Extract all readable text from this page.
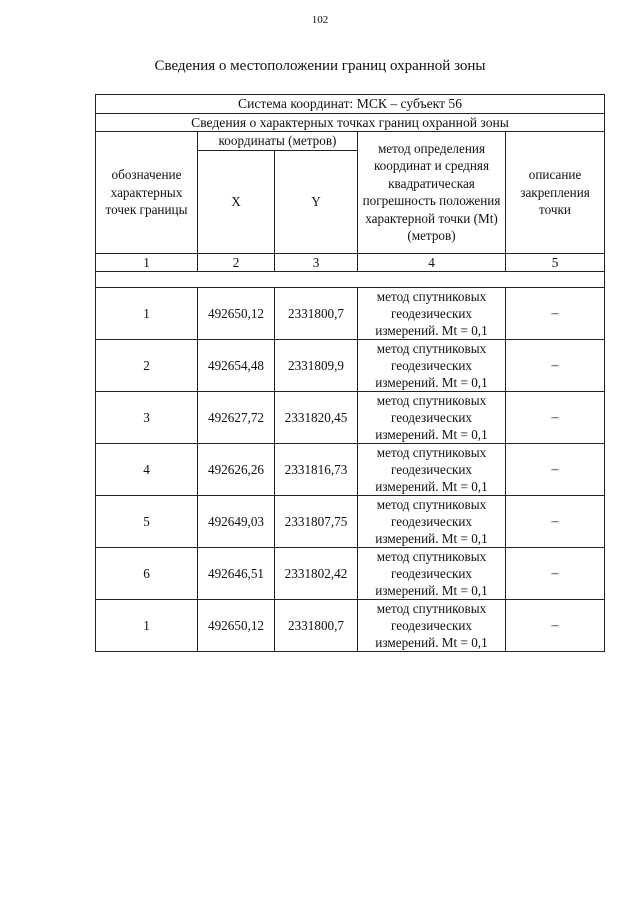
102
Сведения о местоположении границ охранной зоны
Система координат: МСК – субъект 56				
Сведения о характерных точках границ охранной зоны				
обозначение характерных точек границы	координаты (метров)		метод определения координат и средняя квадратическая погрешность положения характерной точки (Mt) (метров)	описание закрепления точки
	X	Y		
1	2	3	4	5

1	492650,12	2331800,7	метод спутниковых геодезических измерений. Mt = 0,1	–
2	492654,48	2331809,9	метод спутниковых геодезических измерений. Mt = 0,1	–
3	492627,72	2331820,45	метод спутниковых геодезических измерений. Mt = 0,1	–
4	492626,26	2331816,73	метод спутниковых геодезических измерений. Mt = 0,1	–
5	492649,03	2331807,75	метод спутниковых геодезических измерений. Mt = 0,1	–
6	492646,51	2331802,42	метод спутниковых геодезических измерений. Mt = 0,1	–
1	492650,12	2331800,7	метод спутниковых геодезических измерений. Mt = 0,1	–
